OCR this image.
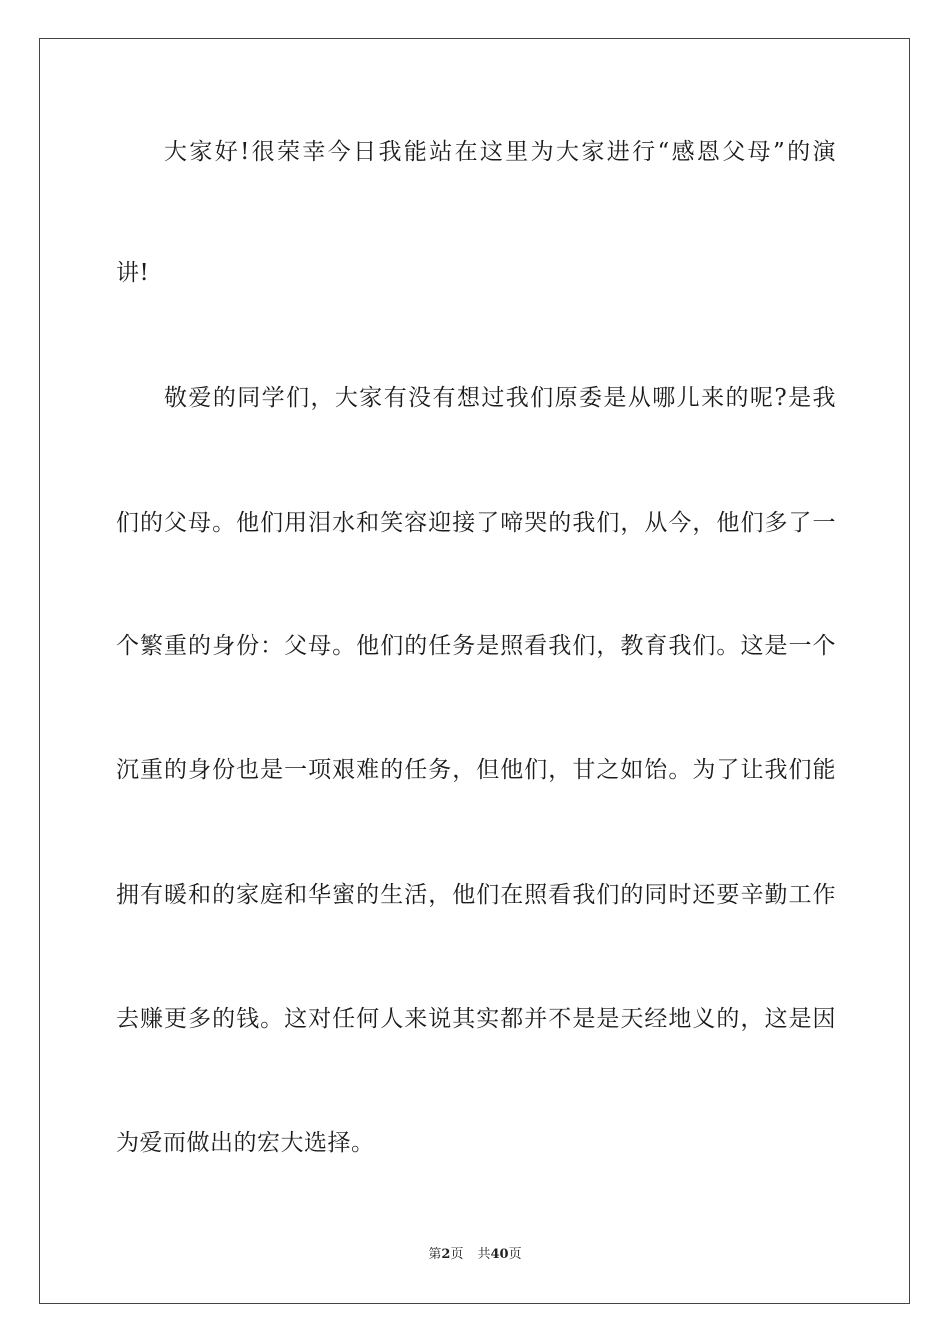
大家好!很荣幸今日我能站在这里为大家进行“感恩父母”的演
讲!
敬爱的同学们，大家有没有想过我们原委是从哪儿来的呢?是我
们的父母。他们用泪水和笑容迎接了啼哭的我们，从今，他们多了一
个繁重的身份：父母。他们的任务是照看我们，教育我们。这是一个
沉重的身份也是一项艰难的任务，但他们，甘之如饴。为了让我们能
拥有暖和的家庭和华蜜的生活，他们在照看我们的同时还要辛勤工作
去赚更多的钱。这对任何人来说其实都并不是是天经地义的，这是因
为爱而做出的宏大选择。
第2页 共40页
